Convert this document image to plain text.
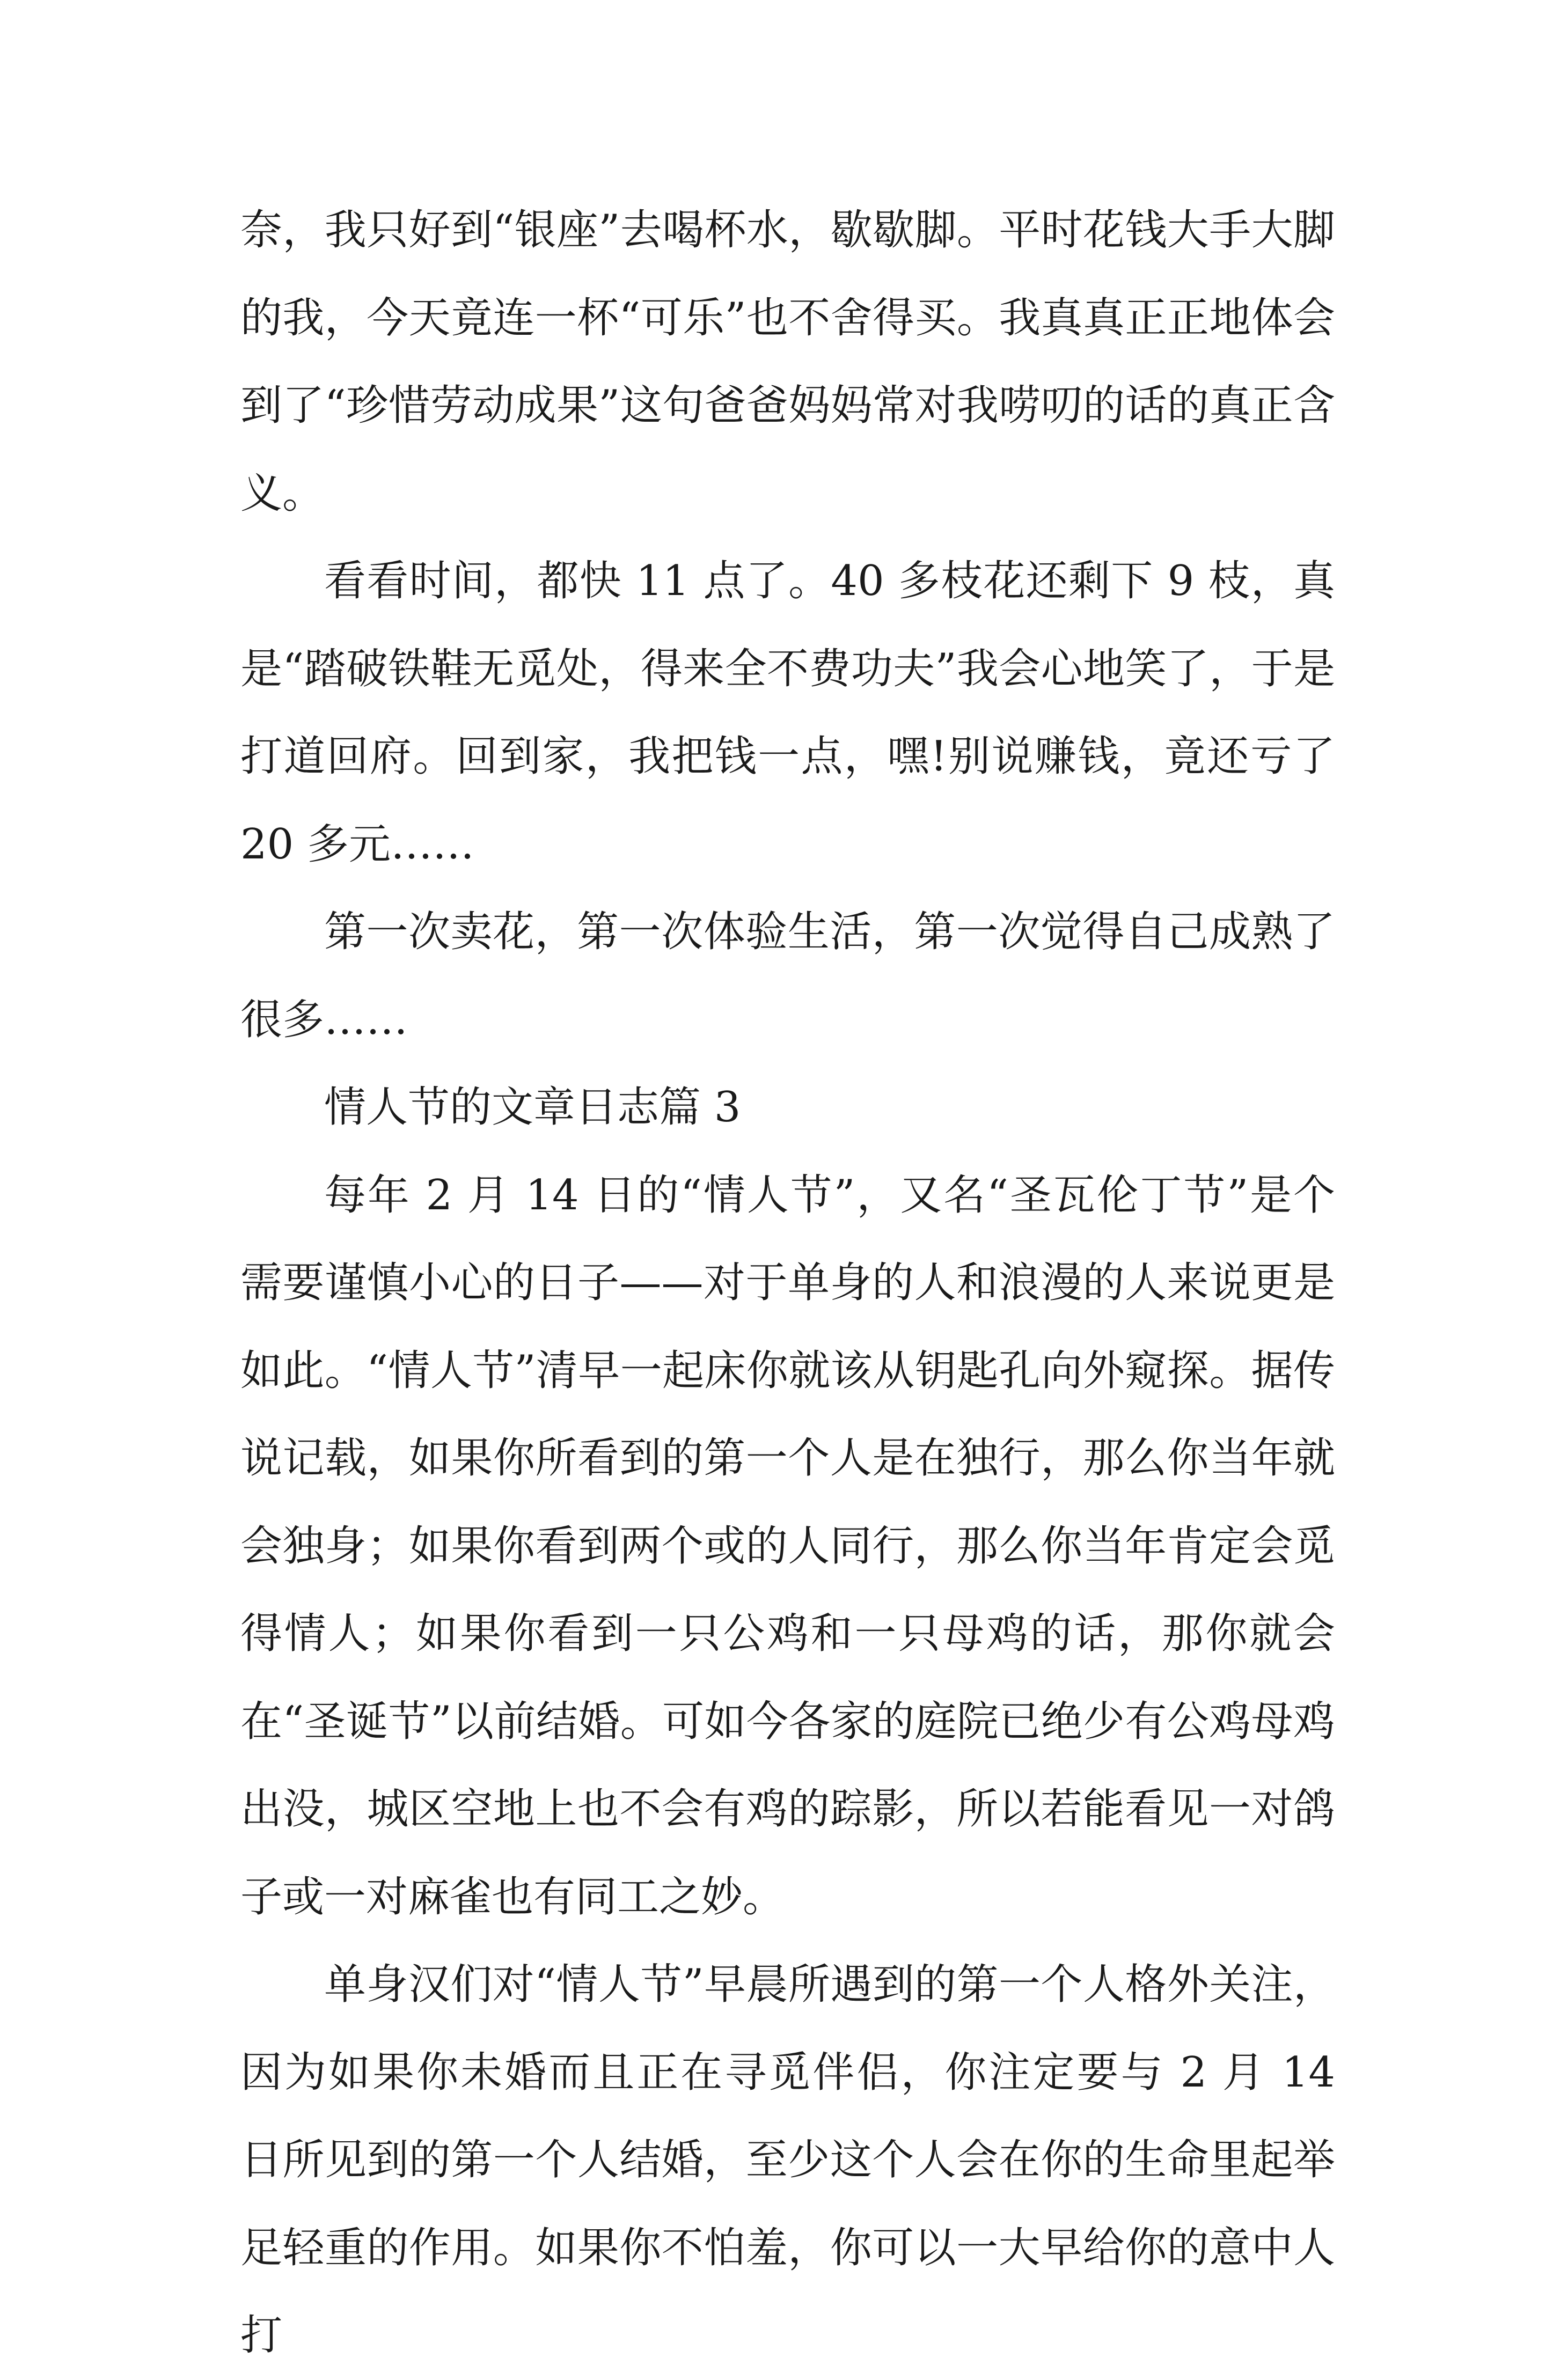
奈，我只好到“银座”去喝杯水，歇歇脚。平时花钱大手大脚的我，今天竟连一杯“可乐”也不舍得买。我真真正正地体会到了“珍惜劳动成果”这句爸爸妈妈常对我唠叨的话的真正含义。

看看时间，都快 11 点了。40 多枝花还剩下 9 枝，真是“踏破铁鞋无觅处，得来全不费功夫”我会心地笑了，于是打道回府。回到家，我把钱一点，嘿!别说赚钱，竟还亏了 20 多元……

第一次卖花，第一次体验生活，第一次觉得自己成熟了很多……

情人节的文章日志篇 3

每年 2 月 14 日的“情人节”，又名“圣瓦伦丁节”是个需要谨慎小心的日子——对于单身的人和浪漫的人来说更是如此。“情人节”清早一起床你就该从钥匙孔向外窥探。据传说记载，如果你所看到的第一个人是在独行，那么你当年就会独身；如果你看到两个或的人同行，那么你当年肯定会觅得情人；如果你看到一只公鸡和一只母鸡的话，那你就会在“圣诞节”以前结婚。可如今各家的庭院已绝少有公鸡母鸡出没，城区空地上也不会有鸡的踪影，所以若能看见一对鸽子或一对麻雀也有同工之妙。

单身汉们对“情人节”早晨所遇到的第一个人格外关注，因为如果你未婚而且正在寻觅伴侣，你注定要与 2 月 14 日所见到的第一个人结婚，至少这个人会在你的生命里起举足轻重的作用。如果你不怕羞，你可以一大早给你的意中人打
